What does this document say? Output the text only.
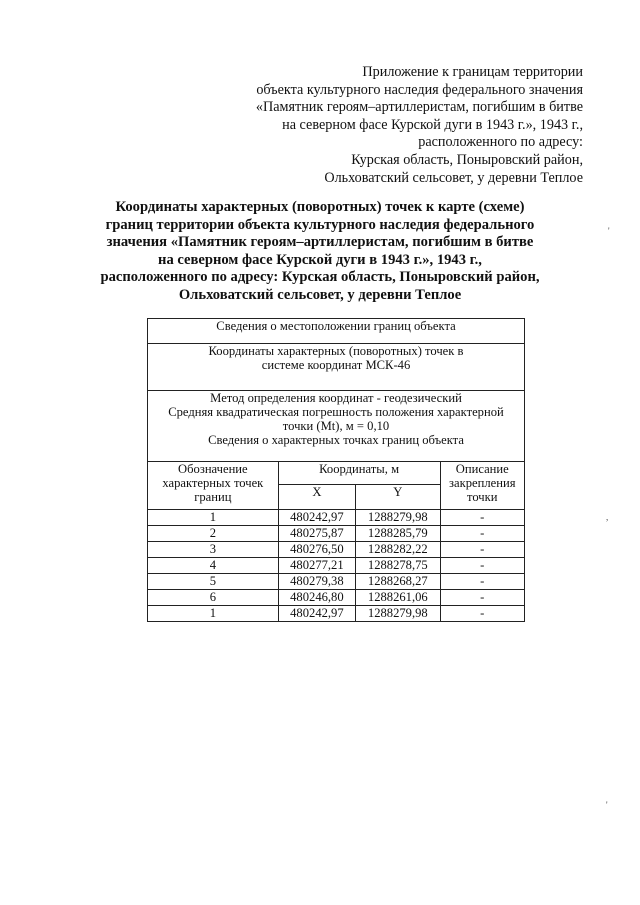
Приложение к границам территории
объекта культурного наследия федерального значения
«Памятник героям–артиллеристам, погибшим в битве
на северном фасе Курской дуги в 1943 г.», 1943 г.,
расположенного по адресу:
Курская область, Поныровский район,
Ольховатский сельсовет, у деревни Теплое
Координаты характерных (поворотных) точек к карте (схеме)
границ территории объекта культурного наследия федерального
значения «Памятник героям–артиллеристам, погибшим в битве
на северном фасе Курской дуги в 1943 г.», 1943 г.,
расположенного по адресу: Курская область, Поныровский район,
Ольховатский сельсовет, у деревни Теплое
Сведения о местоположении границ объекта			
Координаты характерных (поворотных) точек в системе координат МСК-46			

Метод определения координат - геодезический
Средняя квадратическая погрешность положения характерной точки (Mt), м = 0,10
Сведения о характерных точках границ объекта			

Обозначение характерных точек границ	Координаты, м		Описание закрепления точки
	X	Y	
1	480242,97	1288279,98	-
2	480275,87	1288285,79	-
3	480276,50	1288282,22	-
4	480277,21	1288278,75	-
5	480279,38	1288268,27	-
6	480246,80	1288261,06	-
1	480242,97	1288279,98	-
'
,
'
